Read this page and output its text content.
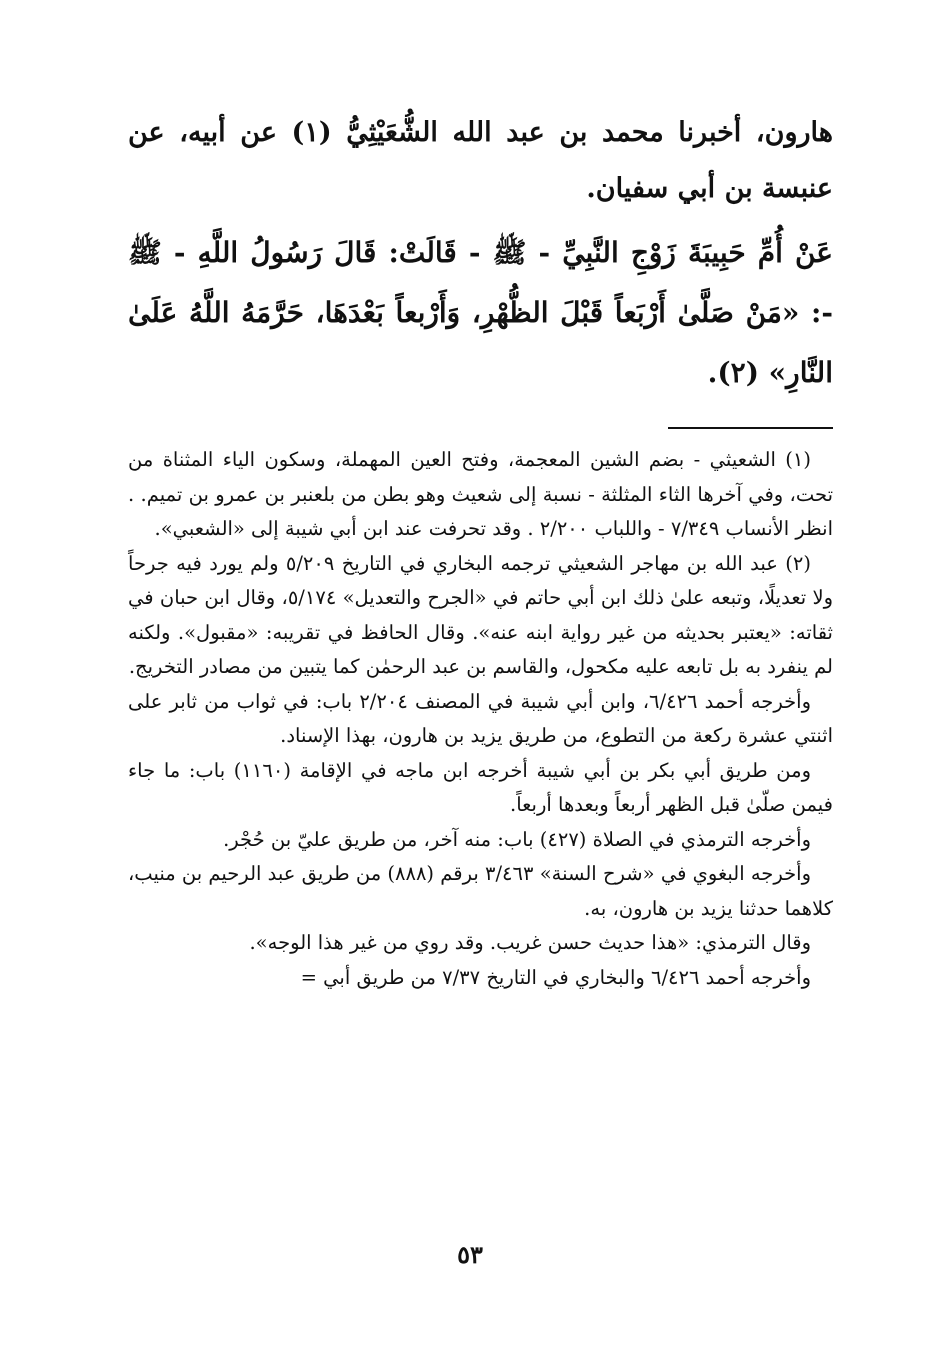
هارون، أخبرنا محمد بن عبد الله الشُّعَيْثِيُّ (١) عن أبيه، عن عنبسة بن أبي سفيان.

عَنْ أُمِّ حَبِيبَةَ زَوْجِ النَّبِيِّ - ﷺ - قَالَتْ: قَالَ رَسُولُ اللَّهِ - ﷺ -: «مَنْ صَلَّىٰ أَرْبَعاً قَبْلَ الظُّهْرِ، وَأَرْبعاً بَعْدَهَا، حَرَّمَهُ اللَّهُ عَلَىٰ النَّارِ» (٢).

(١) الشعيثي - بضم الشين المعجمة، وفتح العين المهملة، وسكون الياء المثناة من تحت، وفي آخرها الثاء المثلثة - نسبة إلى شعيث وهو بطن من بلعنبر بن عمرو بن تميم. . انظر الأنساب ٧/٣٤٩ - واللباب ٢/٢٠٠ . وقد تحرفت عند ابن أبي شيبة إلى «الشعبي».

(٢) عبد الله بن مهاجر الشعيثي ترجمه البخاري في التاريخ ٥/٢٠٩ ولم يورد فيه جرحاً ولا تعديلًا، وتبعه علىٰ ذلك ابن أبي حاتم في «الجرح والتعديل» ٥/١٧٤، وقال ابن حبان في ثقاته: «يعتبر بحديثه من غير رواية ابنه عنه». وقال الحافظ في تقريبه: «مقبول». ولكنه لم ينفرد به بل تابعه عليه مكحول، والقاسم بن عبد الرحمٰن كما يتبين من مصادر التخريج.

وأخرجه أحمد ٦/٤٢٦، وابن أبي شيبة في المصنف ٢/٢٠٤ باب: في ثواب من ثابر على اثنتي عشرة ركعة من التطوع، من طريق يزيد بن هارون، بهذا الإسناد.

ومن طريق أبي بكر بن أبي شيبة أخرجه ابن ماجه في الإقامة (١١٦٠) باب: ما جاء فيمن صلّىٰ قبل الظهر أربعاً وبعدها أربعاً.

وأخرجه الترمذي في الصلاة (٤٢٧) باب: منه آخر، من طريق عليّ بن حُجْر.

وأخرجه البغوي في «شرح السنة» ٣/٤٦٣ برقم (٨٨٨) من طريق عبد الرحيم بن منيب، كلاهما حدثنا يزيد بن هارون، به.

وقال الترمذي: «هذا حديث حسن غريب. وقد روي من غير هذا الوجه».

وأخرجه أحمد ٦/٤٢٦ والبخاري في التاريخ ٧/٣٧ من طريق أبي =

٥٣
